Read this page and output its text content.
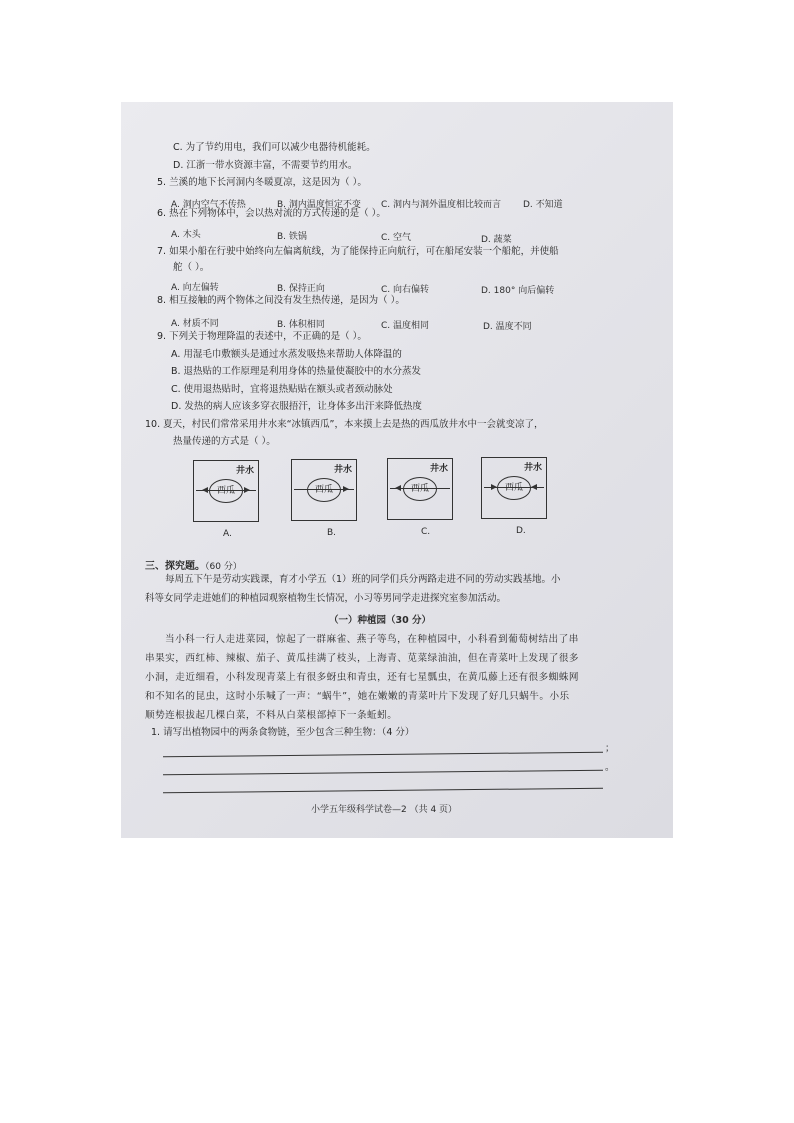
C. 为了节约用电，我们可以减少电器待机能耗。
D. 江浙一带水资源丰富，不需要节约用水。
5. 兰溪的地下长河洞内冬暖夏凉，这是因为（ ）。
A. 洞内空气不传热	B. 洞内温度恒定不变 C. 洞内与洞外温度相比较而言 D. 不知道
6. 热在下列物体中，会以热对流的方式传递的是（ ）。
A. 木头	B. 铁锅	C. 空气	D. 蔬菜
7. 如果小船在行驶中始终向左偏离航线，为了能保持正向航行，可在船尾安装一个船舵，并使船
舵（ ）。
A. 向左偏转	B. 保持正向	C. 向右偏转	D. 180° 向后偏转
8. 相互接触的两个物体之间没有发生热传递，是因为（ ）。
A. 材质不同	B. 体积相同	C. 温度相同	D. 温度不同
9. 下列关于物理降温的表述中，不正确的是（ ）。
A. 用湿毛巾敷额头是通过水蒸发吸热来帮助人体降温的
B. 退热贴的工作原理是利用身体的热量使凝胶中的水分蒸发
C. 使用退热贴时，宜将退热贴贴在额头或者颈动脉处
D. 发热的病人应该多穿衣服捂汗，让身体多出汗来降低热度
10. 夏天，村民们常常采用井水来“冰镇西瓜”，本来摸上去是热的西瓜放井水中一会就变凉了，
热量传递的方式是（ ）。
井水
西瓜
A.
井水
西瓜
B.
井水
西瓜
C.
井水
西瓜
D.
三、探究题。（60 分）
每周五下午是劳动实践课，育才小学五（1）班的同学们兵分两路走进不同的劳动实践基地。小
科等女同学走进她们的种植园观察植物生长情况，小习等男同学走进探究室参加活动。
（一）种植园（30 分）
当小科一行人走进菜园，惊起了一群麻雀、燕子等鸟，在种植园中，小科看到葡萄树结出了串
串果实，西红柿、辣椒、茄子、黄瓜挂满了枝头，上海青、苋菜绿油油，但在青菜叶上发现了很多
小洞，走近细看，小科发现青菜上有很多蚜虫和青虫，还有七星瓢虫，在黄瓜藤上还有很多蜘蛛网
和不知名的昆虫，这时小乐喊了一声：“蜗牛”，她在嫩嫩的青菜叶片下发现了好几只蜗牛。小乐
顺势连根拔起几棵白菜，不料从白菜根部掉下一条蚯蚓。
1. 请写出植物园中的两条食物链，至少包含三种生物：（4 分）
；
。
小学五年级科学试卷—2 （共 4 页）
